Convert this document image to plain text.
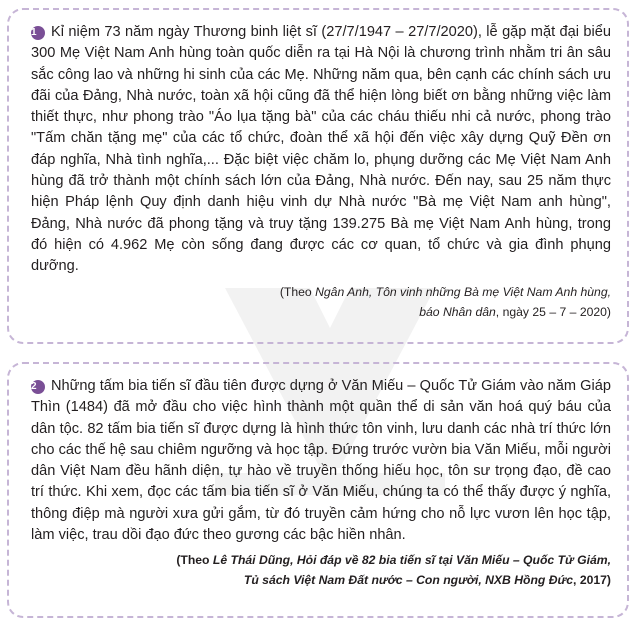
1 Kỉ niệm 73 năm ngày Thương binh liệt sĩ (27/7/1947 – 27/7/2020), lễ gặp mặt đại biểu 300 Mẹ Việt Nam Anh hùng toàn quốc diễn ra tại Hà Nội là chương trình nhằm tri ân sâu sắc công lao và những hi sinh của các Mẹ. Những năm qua, bên cạnh các chính sách ưu đãi của Đảng, Nhà nước, toàn xã hội cũng đã thể hiện lòng biết ơn bằng những việc làm thiết thực, như phong trào "Áo lụa tặng bà" của các cháu thiếu nhi cả nước, phong trào "Tấm chăn tặng mẹ" của các tổ chức, đoàn thể xã hội đến việc xây dựng Quỹ Đền ơn đáp nghĩa, Nhà tình nghĩa,... Đặc biệt việc chăm lo, phụng dưỡng các Mẹ Việt Nam Anh hùng đã trở thành một chính sách lớn của Đảng, Nhà nước. Đến nay, sau 25 năm thực hiện Pháp lệnh Quy định danh hiệu vinh dự Nhà nước "Bà mẹ Việt Nam anh hùng", Đảng, Nhà nước đã phong tặng và truy tặng 139.275 Bà mẹ Việt Nam Anh hùng, trong đó hiện có 4.962 Mẹ còn sống đang được các cơ quan, tổ chức và gia đình phụng dưỡng.

(Theo Ngân Anh, Tôn vinh những Bà mẹ Việt Nam Anh hùng,
báo Nhân dân, ngày 25 – 7 – 2020)

2 Những tấm bia tiến sĩ đầu tiên được dựng ở Văn Miếu – Quốc Tử Giám vào năm Giáp Thìn (1484) đã mở đầu cho việc hình thành một quần thể di sản văn hoá quý báu của dân tộc. 82 tấm bia tiến sĩ được dựng là hình thức tôn vinh, lưu danh các nhà trí thức lớn cho các thế hệ sau chiêm ngưỡng và học tập. Đứng trước vườn bia Văn Miếu, mỗi người dân Việt Nam đều hãnh diện, tự hào về truyền thống hiếu học, tôn sư trọng đạo, đề cao trí thức. Khi xem, đọc các tấm bia tiến sĩ ở Văn Miếu, chúng ta có thể thấy được ý nghĩa, thông điệp mà người xưa gửi gắm, từ đó truyền cảm hứng cho nỗ lực vươn lên học tập, làm việc, trau dồi đạo đức theo gương các bậc hiền nhân.

(Theo Lê Thái Dũng, Hỏi đáp về 82 bia tiến sĩ tại Văn Miếu – Quốc Tử Giám,
Tủ sách Việt Nam Đất nước – Con người, NXB Hồng Đức, 2017)
